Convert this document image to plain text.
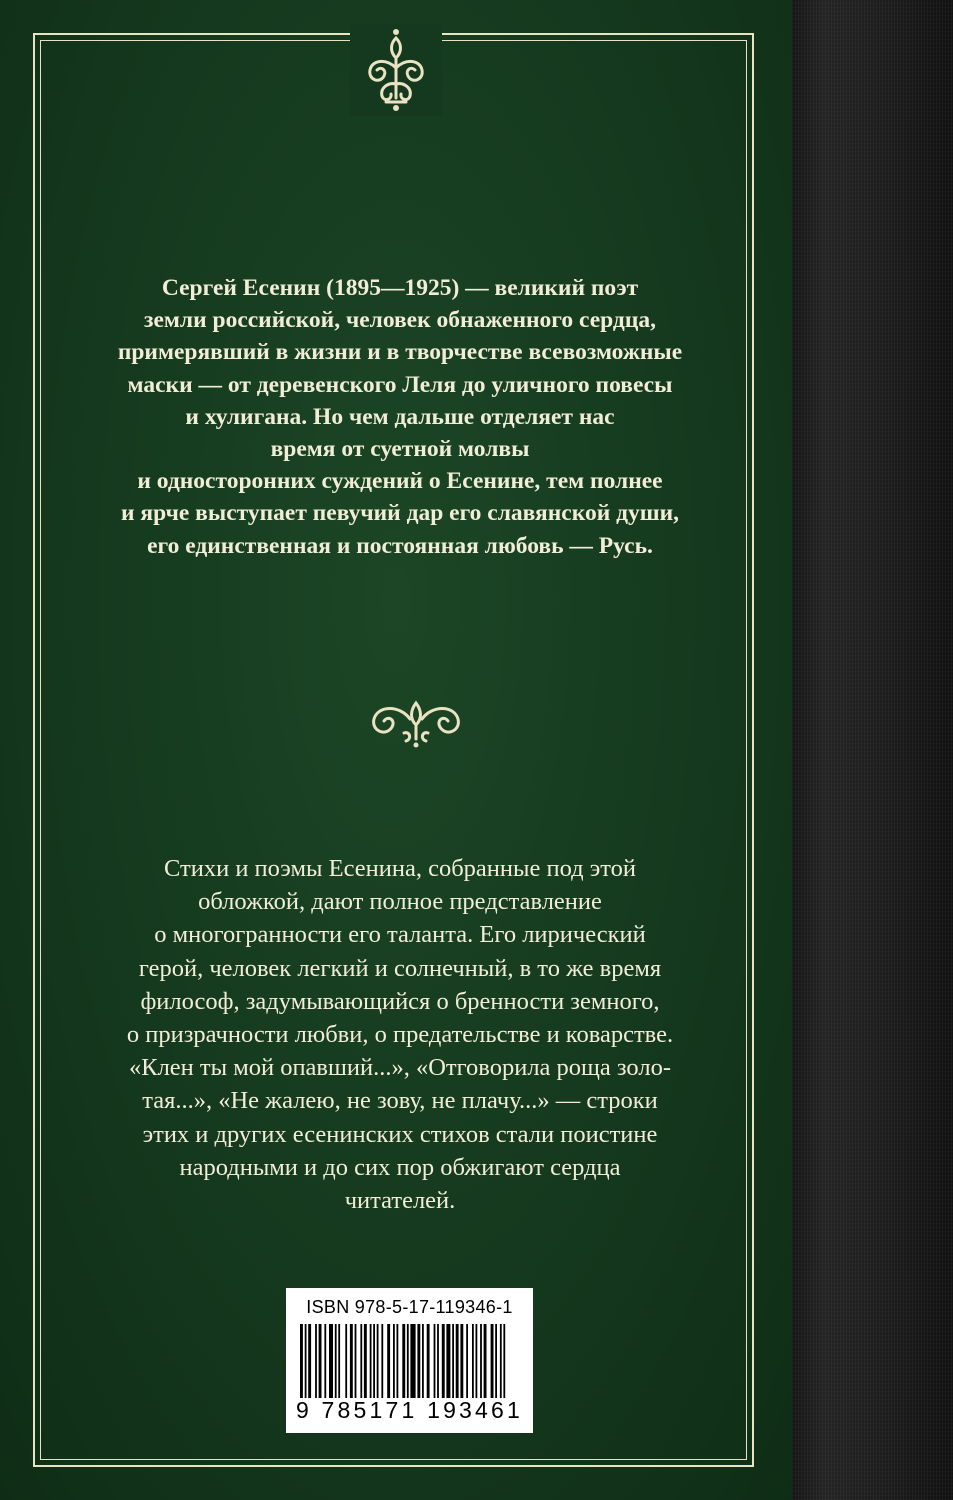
Сергей Есенин (1895—1925) — великий поэт
земли российской, человек обнаженного сердца,
примерявший в жизни и в творчестве всевозможные
маски — от деревенского Леля до уличного повесы
и хулигана. Но чем дальше отделяет нас
время от суетной молвы
и односторонних суждений о Есенине, тем полнее
и ярче выступает певучий дар его славянской души,
его единственная и постоянная любовь — Русь.

Стихи и поэмы Есенина, собранные под этой
обложкой, дают полное представление
о многогранности его таланта. Его лирический
герой, человек легкий и солнечный, в то же время
философ, задумывающийся о бренности земного,
о призрачности любви, о предательстве и коварстве.
«Клен ты мой опавший...», «Отговорила роща золо-
тая...», «Не жалею, не зову, не плачу...» — строки
этих и других есенинских стихов стали поистине
народными и до сих пор обжигают сердца
читателей.

ISBN 978-5-17-119346-1
9 785171 193461
